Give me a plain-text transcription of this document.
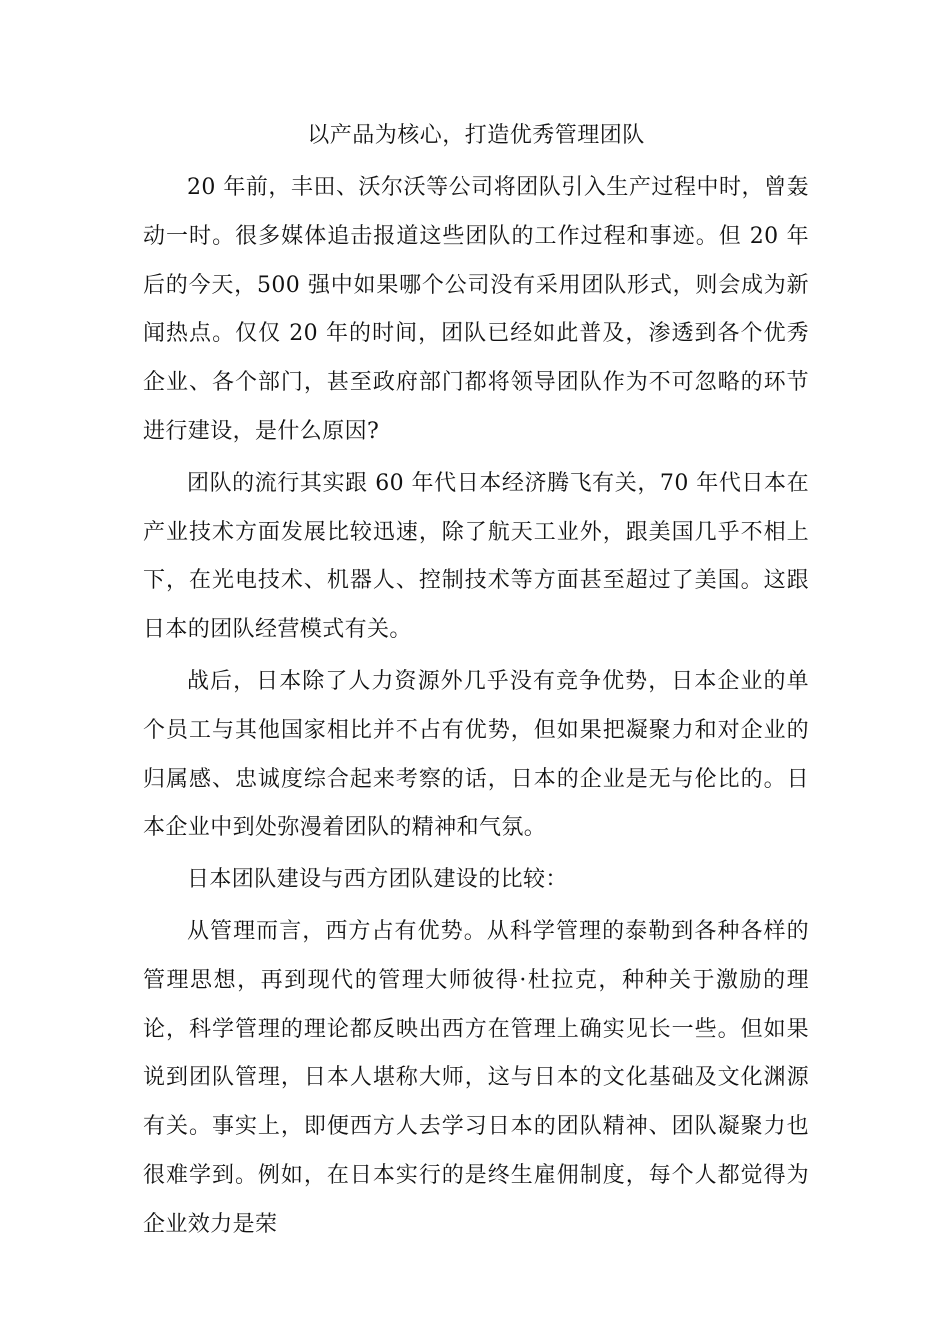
以产品为核心，打造优秀管理团队

20 年前，丰田、沃尔沃等公司将团队引入生产过程中时，曾轰动一时。很多媒体追击报道这些团队的工作过程和事迹。但 20 年后的今天，500 强中如果哪个公司没有采用团队形式，则会成为新闻热点。仅仅 20 年的时间，团队已经如此普及，渗透到各个优秀企业、各个部门，甚至政府部门都将领导团队作为不可忽略的环节进行建设，是什么原因?

团队的流行其实跟 60 年代日本经济腾飞有关，70 年代日本在产业技术方面发展比较迅速，除了航天工业外，跟美国几乎不相上下，在光电技术、机器人、控制技术等方面甚至超过了美国。这跟日本的团队经营模式有关。

战后，日本除了人力资源外几乎没有竞争优势，日本企业的单个员工与其他国家相比并不占有优势，但如果把凝聚力和对企业的归属感、忠诚度综合起来考察的话，日本的企业是无与伦比的。日本企业中到处弥漫着团队的精神和气氛。

日本团队建设与西方团队建设的比较：

从管理而言，西方占有优势。从科学管理的泰勒到各种各样的管理思想，再到现代的管理大师彼得·杜拉克，种种关于激励的理论，科学管理的理论都反映出西方在管理上确实见长一些。但如果说到团队管理，日本人堪称大师，这与日本的文化基础及文化渊源有关。事实上，即便西方人去学习日本的团队精神、团队凝聚力也很难学到。例如，在日本实行的是终生雇佣制度，每个人都觉得为企业效力是荣
